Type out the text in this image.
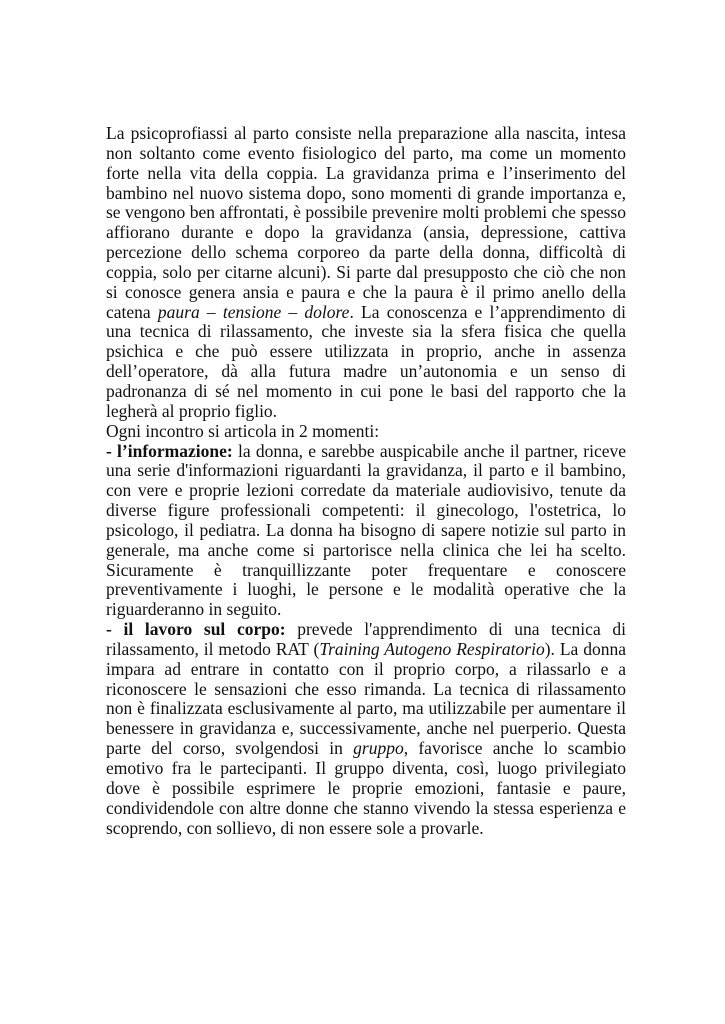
La psicoprofiassi al parto consiste nella preparazione alla nascita, intesa non soltanto come evento fisiologico del parto, ma come un momento forte nella vita della coppia. La gravidanza prima e l’inserimento del bambino nel nuovo sistema dopo, sono momenti di grande importanza e, se vengono ben affrontati, è possibile prevenire molti problemi che spesso affiorano durante e dopo la gravidanza (ansia, depressione, cattiva percezione dello schema corporeo da parte della donna, difficoltà di coppia, solo per citarne alcuni). Si parte dal presupposto che ciò che non si conosce genera ansia e paura e che la paura è il primo anello della catena paura – tensione – dolore. La conoscenza e l’apprendimento di una tecnica di rilassamento, che investe sia la sfera fisica che quella psichica e che può essere utilizzata in proprio, anche in assenza dell’operatore, dà alla futura madre un’autonomia e un senso di padronanza di sé nel momento in cui pone le basi del rapporto che la legherà al proprio figlio.

Ogni incontro si articola in 2 momenti:

- l’informazione: la donna, e sarebbe auspicabile anche il partner, riceve una serie d'informazioni riguardanti la gravidanza, il parto e il bambino, con vere e proprie lezioni corredate da materiale audiovisivo, tenute da diverse figure professionali competenti: il ginecologo, l'ostetrica, lo psicologo, il pediatra. La donna ha bisogno di sapere notizie sul parto in generale, ma anche come si partorisce nella clinica che lei ha scelto. Sicuramente è tranquillizzante poter frequentare e conoscere preventivamente i luoghi, le persone e le modalità operative che la riguarderanno in seguito.

- il lavoro sul corpo: prevede l'apprendimento di una tecnica di rilassamento, il metodo RAT (Training Autogeno Respiratorio). La donna impara ad entrare in contatto con il proprio corpo, a rilassarlo e a riconoscere le sensazioni che esso rimanda. La tecnica di rilassamento non è finalizzata esclusivamente al parto, ma utilizzabile per aumentare il benessere in gravidanza e, successivamente, anche nel puerperio. Questa parte del corso, svolgendosi in gruppo, favorisce anche lo scambio emotivo fra le partecipanti. Il gruppo diventa, così, luogo privilegiato dove è possibile esprimere le proprie emozioni, fantasie e paure, condividendole con altre donne che stanno vivendo la stessa esperienza e scoprendo, con sollievo, di non essere sole a provarle.
